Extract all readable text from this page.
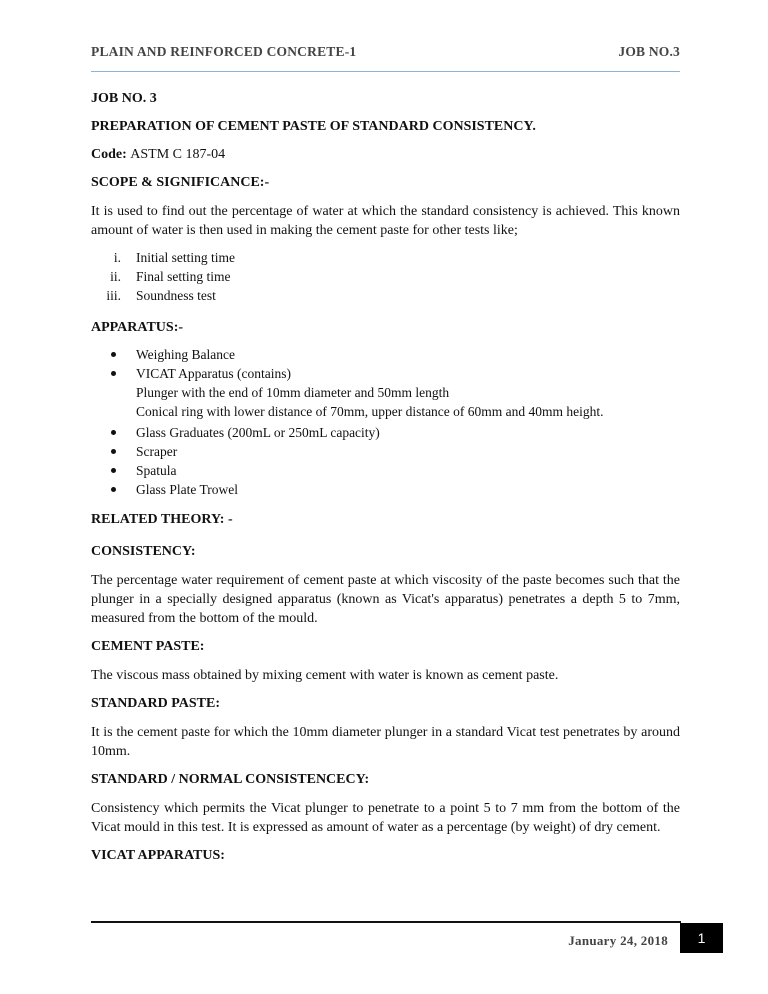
PLAIN AND REINFORCED CONCRETE-1	JOB NO.3
JOB NO. 3
PREPARATION OF CEMENT PASTE OF STANDARD CONSISTENCY.
Code: ASTM C 187-04
SCOPE & SIGNIFICANCE:-

It is used to find out the percentage of water at which the standard consistency is achieved. This known amount of water is then used in making the cement paste for other tests like;

i.	Initial setting time
ii.	Final setting time
iii.	Soundness test
APPARATUS:-
Weighing Balance
VICAT Apparatus (contains)
Plunger with the end of 10mm diameter and 50mm length
Conical ring with lower distance of 70mm, upper distance of 60mm and 40mm height.
Glass Graduates (200mL or 250mL capacity)
Scraper
Spatula
Glass Plate Trowel
RELATED THEORY: -
CONSISTENCY:

The percentage water requirement of cement paste at which viscosity of the paste becomes such that the plunger in a specially designed apparatus (known as Vicat's apparatus) penetrates a depth 5 to 7mm, measured from the bottom of the mould.

CEMENT PASTE:

The viscous mass obtained by mixing cement with water is known as cement paste.

STANDARD PASTE:

It is the cement paste for which the 10mm diameter plunger in a standard Vicat test penetrates by around 10mm.

STANDARD / NORMAL CONSISTENCECY:

Consistency which permits the Vicat plunger to penetrate to a point 5 to 7 mm from the bottom of the Vicat mould in this test. It is expressed as amount of water as a percentage (by weight) of dry cement.

VICAT APPARATUS:
January 24, 2018	1
